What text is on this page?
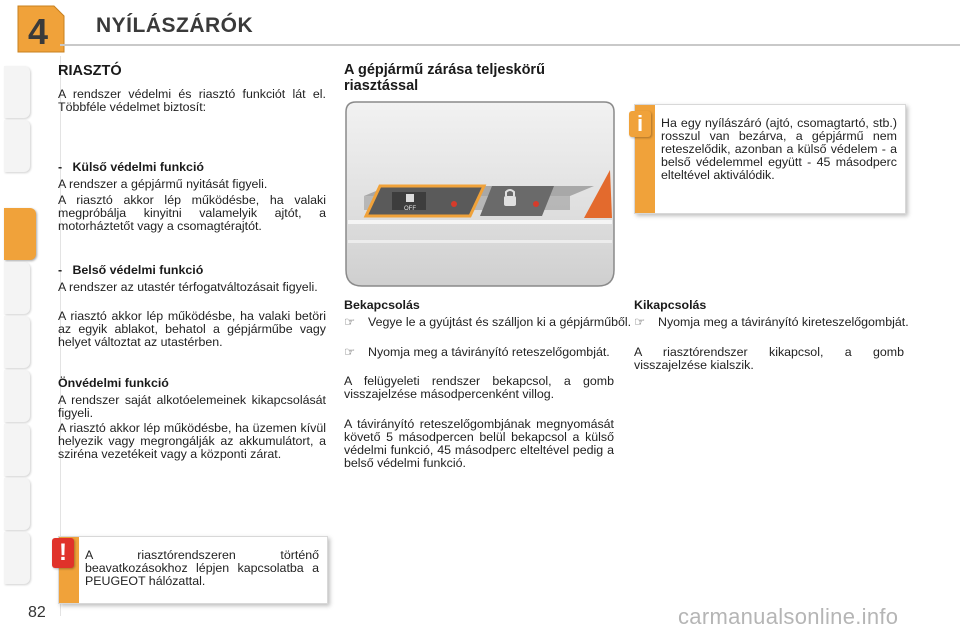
4 NYÍLÁSZÁRÓK
RIASZTÓ
A rendszer védelmi és riasztó funkciót lát el. Többféle védelmet biztosít:
-   Külső védelmi funkció
A rendszer a gépjármű nyitását figyeli.
A riasztó akkor lép működésbe, ha valaki megpróbálja kinyitni valamelyik ajtót, a motorháztetőt vagy a csomagtérajtót.
-   Belső védelmi funkció
A rendszer az utastér térfogatváltozásait figyeli.
A riasztó akkor lép működésbe, ha valaki betöri az egyik ablakot, behatol a gépjárműbe vagy helyet változtat az utastérben.
Önvédelmi funkció
A rendszer saját alkotóelemeinek kikapcsolását figyeli.
A riasztó akkor lép működésbe, ha üzemen kívül helyezik vagy megrongálják az akkumulátort, a sziréna vezetékeit vagy a központi zárat.
A riasztórendszeren történő beavatkozásokhoz lépjen kapcsolatba a PEUGEOT hálózattal.
!
A gépjármű zárása teljeskörű riasztással
OFF
Bekapcsolás
☞ Vegye le a gyújtást és szálljon ki a gépjárműből.
☞ Nyomja meg a távirányító reteszelőgombját.
A felügyeleti rendszer bekapcsol, a gomb visszajelzése másodpercenként villog.
A távirányító reteszelőgombjának megnyomását követő 5 másodpercen belül bekapcsol a külső védelmi funkció, 45 másodperc elteltével pedig a belső védelmi funkció.
Ha egy nyílászáró (ajtó, csomagtartó, stb.) rosszul van bezárva, a gépjármű nem reteszelődik, azonban a külső védelem - a belső védelemmel együtt - 45 másodperc elteltével aktiválódik.
i
Kikapcsolás
☞ Nyomja meg a távirányító kireteszelőgombját.
A riasztórendszer kikapcsol, a gomb visszajelzése kialszik.
82	carmanualsonline.info
